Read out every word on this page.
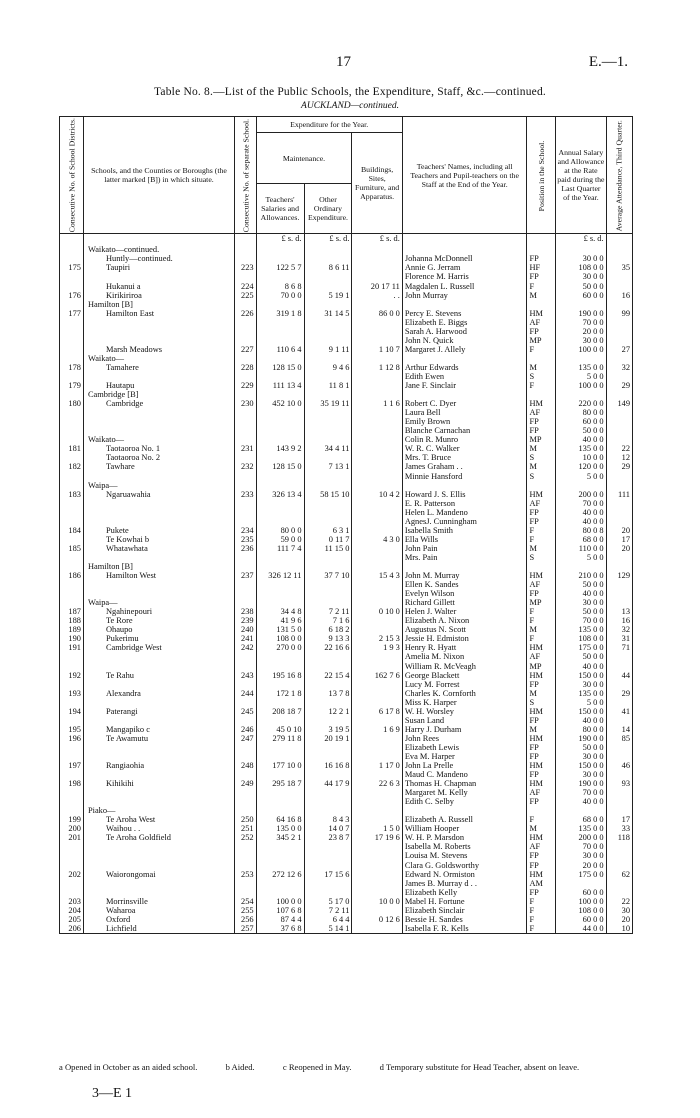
17	E.—1.
Table No. 8.—List of the Public Schools, the Expenditure, Staff, &c.—continued.
AUCKLAND—continued.
Consecutive No. of School Districts.	Schools, and the Counties or Boroughs (the latter marked [B]) in which situate.	Consecutive No. of separate School.	Expenditure for the Year.			Teachers' Names, including all Teachers and Pupil-teachers on the Staff at the End of the Year.	Position in the School.	Annual Salary and Allowance at the Rate paid during the Last Quarter of the Year.	Average Attendance, Third Quarter.
			Maintenance.		Buildings, Sites, Furniture, and Apparatus.				
			Teachers' Salaries and Allowances.	Other Ordinary Expenditure.					
			£ s. d.	£ s. d.	£ s. d.			£ s. d.	
	Waikato—continued.								
	Huntly—continued.					Johanna McDonnell	FP	30 0 0	
175	Taupiri	223	122 5 7	8 6 11		Annie G. Jerram	HF	108 0 0	35
						Florence M. Harris	FP	30 0 0	
	Hukanui a	224	8 6 8		20 17 11	Magdalen L. Russell	F	50 0 0	
176	Kirikiriroa	225	70 0 0	5 19 1	. .	John Murray	M	60 0 0	16
	Hamilton [B]								
177	Hamilton East	226	319 1 8	31 14 5	86 0 0	Percy E. Stevens	HM	190 0 0	99
						Elizabeth E. Biggs	AF	70 0 0	
						Sarah A. Harwood	FP	20 0 0	
						John N. Quick	MP	30 0 0	
	Marsh Meadows	227	110 6 4	9 1 11	1 10 7	Margaret J. Allely	F	100 0 0	27
	Waikato—								
178	Tamahere	228	128 15 0	9 4 6	1 12 8	Arthur Edwards	M	135 0 0	32
						Edith Ewen	S	5 0 0	
179	Hautapu	229	111 13 4	11 8 1		Jane F. Sinclair	F	100 0 0	29
	Cambridge [B]								
180	Cambridge	230	452 10 0	35 19 11	1 1 6	Robert C. Dyer	HM	220 0 0	149
						Laura Bell	AF	80 0 0	
						Emily Brown	FP	60 0 0	
						Blanche Carnachan	FP	50 0 0	
	Waikato—					Colin R. Munro	MP	40 0 0	
181	Taotaoroa No. 1	231	143 9 2	34 4 11		W. R. C. Walker	M	135 0 0	22
	Taotaoroa No. 2					Mrs. T. Bruce	S	10 0 0	12
182	Tawhare	232	128 15 0	7 13 1		James Graham . .	M	120 0 0	29
						Minnie Hansford	S	5 0 0	
	Waipa—								
183	Ngaruawahia	233	326 13 4	58 15 10	10 4 2	Howard J. S. Ellis	HM	200 0 0	111
						E. R. Patterson	AF	70 0 0	
						Helen L. Mandeno	FP	40 0 0	
						AgnesJ. Cunningham	FP	40 0 0	
184	Pukete	234	80 0 0	6 3 1		Isabella Smith	F	80 0 8	20
	Te Kowhai b	235	59 0 0	0 11 7	4 3 0	Ella Wills	F	68 0 0	17
185	Whatawhata	236	111 7 4	11 15 0		John Pain	M	110 0 0	20
						Mrs. Pain	S	5 0 0	
	Hamilton [B]								
186	Hamilton West	237	326 12 11	37 7 10	15 4 3	John M. Murray	HM	210 0 0	129
						Ellen K. Sandes	AF	50 0 0	
						Evelyn Wilson	FP	40 0 0	
	Waipa—					Richard Gillett	MP	30 0 0	
187	Ngahinepouri	238	34 4 8	7 2 11	0 10 0	Helen J. Walter	F	50 0 0	13
188	Te Rore	239	41 9 6	7 1 6		Elizabeth A. Nixon	F	70 0 0	16
189	Ohaupo	240	131 5 0	6 18 2		Augustus N. Scott	M	135 0 0	32
190	Pukerimu	241	108 0 0	9 13 3	2 15 3	Jessie H. Edmiston	F	108 0 0	31
191	Cambridge West	242	270 0 0	22 16 6	1 9 3	Henry R. Hyatt	HM	175 0 0	71
						Amelia M. Nixon	AF	50 0 0	
						William R. McVeagh	MP	40 0 0	
192	Te Rahu	243	195 16 8	22 15 4	162 7 6	George Blackett	HM	150 0 0	44
						Lucy M. Forrest	FP	30 0 0	
193	Alexandra	244	172 1 8	13 7 8		Charles K. Cornforth	M	135 0 0	29
						Miss K. Harper	S	5 0 0	
194	Paterangi	245	208 18 7	12 2 1	6 17 8	W. H. Worsley	HM	150 0 0	41
						Susan Land	FP	40 0 0	
195	Mangapiko c	246	45 0 10	3 19 5	1 6 9	Harry J. Durham	M	80 0 0	14
196	Te Awamutu	247	279 11 8	20 19 1		John Rees	HM	190 0 0	85
						Elizabeth Lewis	FP	50 0 0	
						Eva M. Harper	FP	30 0 0	
197	Rangiaohia	248	177 10 0	16 16 8	1 17 0	John La Prelle	HM	150 0 0	46
						Maud C. Mandeno	FP	30 0 0	
198	Kihikihi	249	295 18 7	44 17 9	22 6 3	Thomas H. Chapman	HM	190 0 0	93
						Margaret M. Kelly	AF	70 0 0	
						Edith C. Selby	FP	40 0 0	
	Piako—								
199	Te Aroha West	250	64 16 8	8 4 3		Elizabeth A. Russell	F	68 0 0	17
200	Waihou . .	251	135 0 0	14 0 7	1 5 0	William Hooper	M	135 0 0	33
201	Te Aroha Goldfield	252	345 2 1	23 8 7	17 19 6	W. H. P. Marsdon	HM	200 0 0	118
						Isabella M. Roberts	AF	70 0 0	
						Louisa M. Stevens	FP	30 0 0	
						Clara G. Goldsworthy	FP	20 0 0	
202	Waiorongomai	253	272 12 6	17 15 6		Edward N. Ormiston	HM	175 0 0	62
						James B. Murray d . .	AM		
						Elizabeth Kelly	FP	60 0 0	
203	Morrinsville	254	100 0 0	5 17 0	10 0 0	Mabel H. Fortune	F	100 0 0	22
204	Waharoa	255	107 6 8	7 2 11		Elizabeth Sinclair	F	108 0 0	30
205	Oxford	256	87 4 4	6 4 4	0 12 6	Bessie H. Sandes	F	60 0 0	20
206	Lichfield	257	37 6 8	5 14 1		Isabella F. R. Kells	F	44 0 0	10
a Opened in October as an aided school.	b Aided.	c Reopened in May.	d Temporary substitute for Head Teacher, absent on leave.
3—E 1
